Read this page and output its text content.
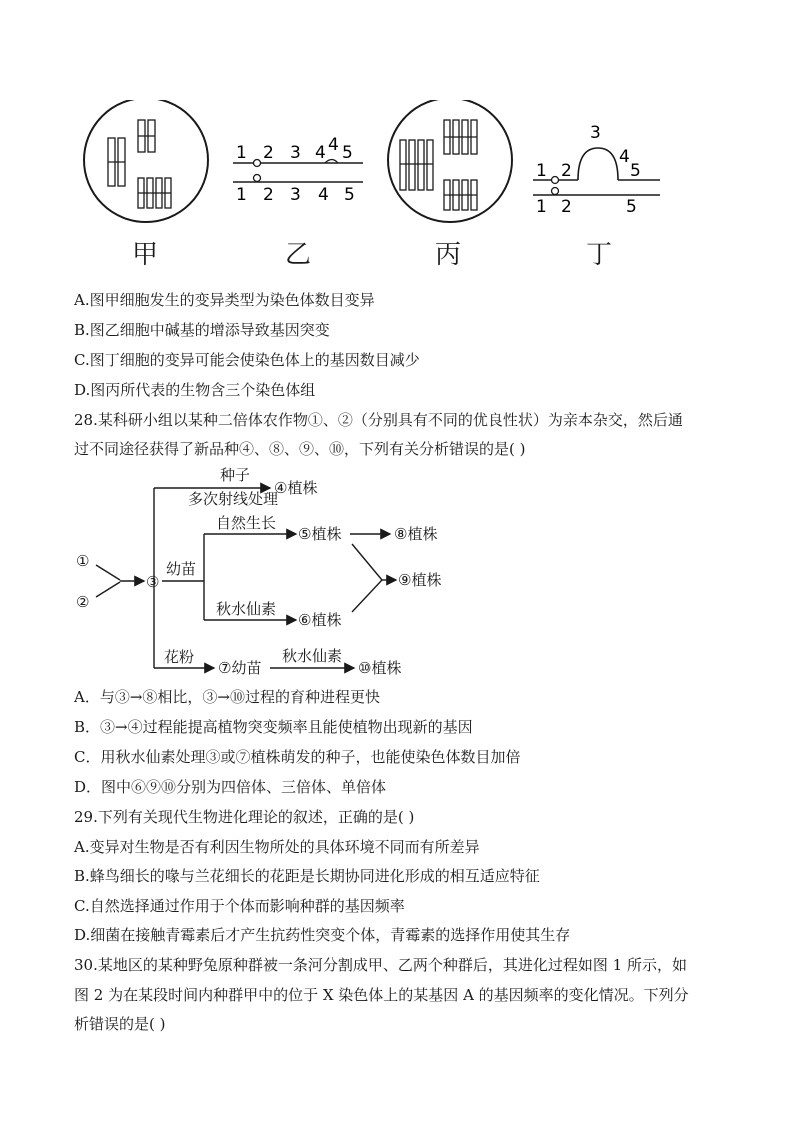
1 2 3 4 4 5
1 2 3 4 5
3
1 2
4
5
1 2	5
甲	乙	丙	丁
A.图甲细胞发生的变异类型为染色体数目变异
B.图乙细胞中碱基的增添导致基因突变
C.图丁细胞的变异可能会使染色体上的基因数目减少
D.图丙所代表的生物含三个染色体组
28.某科研小组以某种二倍体农作物①、②（分别具有不同的优良性状）为亲本杂交，然后通
过不同途径获得了新品种④、⑧、⑨、⑩，下列有关分析错误的是( )
①
②
③
种子
多次射线处理
④植株
幼苗
自然生长
⑤植株	⑧植株
⑨植株
秋水仙素
⑥植株
花粉
⑦幼苗
秋水仙素
⑩植株
A．与③→⑧相比，③→⑩过程的育种进程更快
B．③→④过程能提高植物突变频率且能使植物出现新的基因
C．用秋水仙素处理③或⑦植株萌发的种子，也能使染色体数目加倍
D．图中⑥⑨⑩分别为四倍体、三倍体、单倍体
29.下列有关现代生物进化理论的叙述，正确的是( )
A.变异对生物是否有利因生物所处的具体环境不同而有所差异
B.蜂鸟细长的喙与兰花细长的花距是长期协同进化形成的相互适应特征
C.自然选择通过作用于个体而影响种群的基因频率
D.细菌在接触青霉素后才产生抗药性突变个体，青霉素的选择作用使其生存
30.某地区的某种野兔原种群被一条河分割成甲、乙两个种群后，其进化过程如图 1 所示，如
图 2 为在某段时间内种群甲中的位于 X 染色体上的某基因 A 的基因频率的变化情况。下列分
析错误的是( )
